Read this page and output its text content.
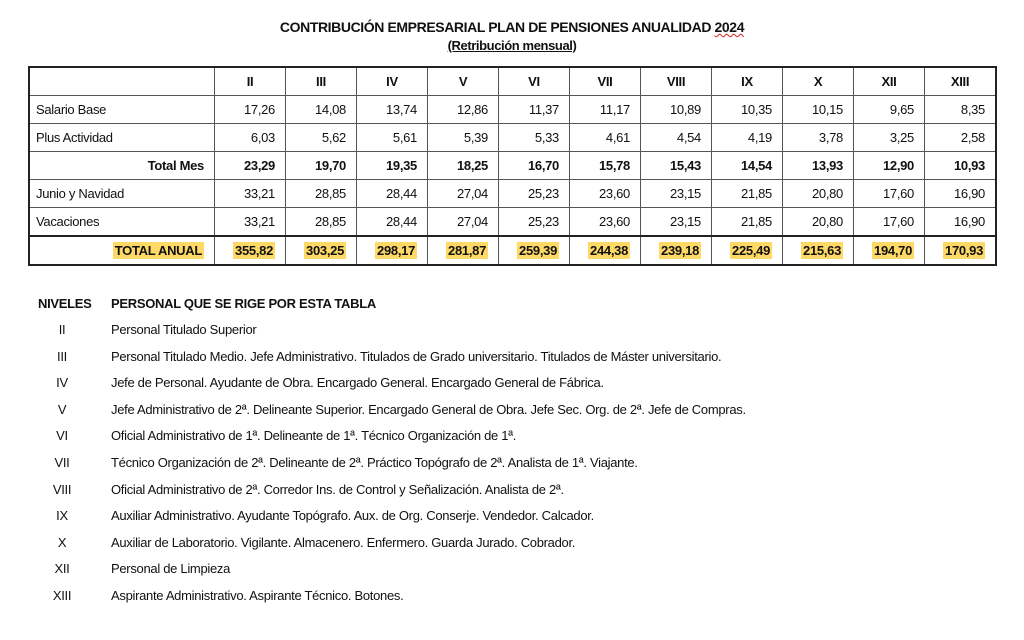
CONTRIBUCIÓN EMPRESARIAL PLAN DE PENSIONES ANUALIDAD 2024
(Retribución mensual)
	II	III	IV	V	VI	VII	VIII	IX	X	XII	XIII
Salario Base	17,26	14,08	13,74	12,86	11,37	11,17	10,89	10,35	10,15	9,65	8,35
Plus Actividad	6,03	5,62	5,61	5,39	5,33	4,61	4,54	4,19	3,78	3,25	2,58
Total Mes	23,29	19,70	19,35	18,25	16,70	15,78	15,43	14,54	13,93	12,90	10,93
Junio y Navidad	33,21	28,85	28,44	27,04	25,23	23,60	23,15	21,85	20,80	17,60	16,90
Vacaciones	33,21	28,85	28,44	27,04	25,23	23,60	23,15	21,85	20,80	17,60	16,90
TOTAL ANUAL	355,82	303,25	298,17	281,87	259,39	244,38	239,18	225,49	215,63	194,70	170,93
NIVELES PERSONAL QUE SE RIGE POR ESTA TABLA
II	Personal Titulado Superior
III	Personal Titulado Medio. Jefe Administrativo. Titulados de Grado universitario. Titulados de Máster universitario.
IV	Jefe de Personal. Ayudante de Obra. Encargado General. Encargado General de Fábrica.
V	Jefe Administrativo de 2ª. Delineante Superior. Encargado General de Obra. Jefe Sec. Org. de 2ª. Jefe de Compras.
VI	Oficial Administrativo de 1ª. Delineante de 1ª. Técnico Organización de 1ª.
VII	Técnico Organización de 2ª. Delineante de 2ª. Práctico Topógrafo de 2ª. Analista de 1ª. Viajante.
VIII	Oficial Administrativo de 2ª. Corredor Ins. de Control y Señalización. Analista de 2ª.
IX	Auxiliar Administrativo. Ayudante Topógrafo. Aux. de Org. Conserje. Vendedor. Calcador.
X	Auxiliar de Laboratorio. Vigilante. Almacenero. Enfermero. Guarda Jurado. Cobrador.
XII	Personal de Limpieza
XIII	Aspirante Administrativo. Aspirante Técnico. Botones.
